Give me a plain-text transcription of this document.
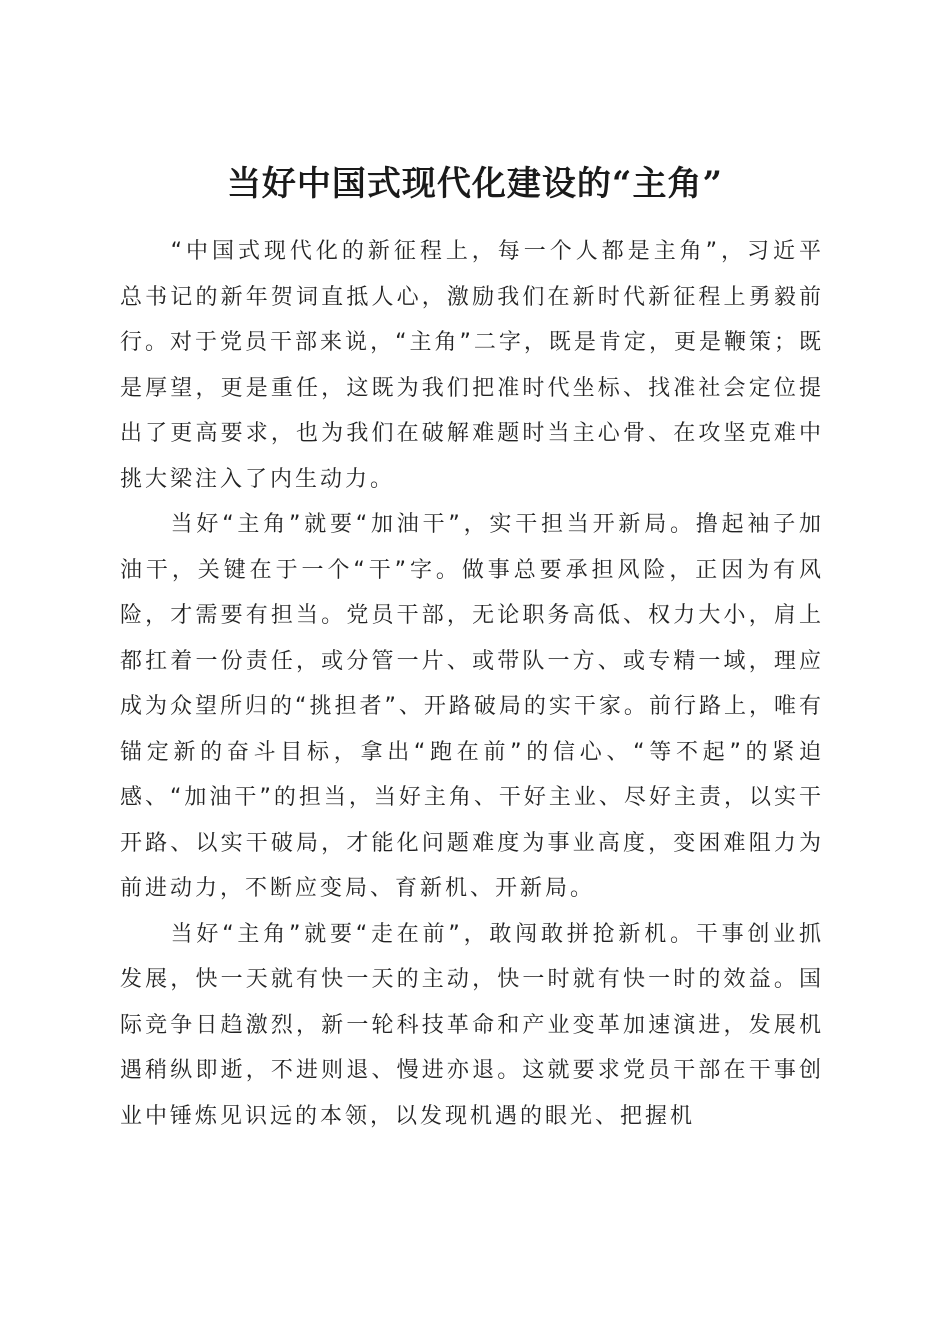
当好中国式现代化建设的“主角”

“中国式现代化的新征程上，每一个人都是主角”，习近平总书记的新年贺词直抵人心，激励我们在新时代新征程上勇毅前行。对于党员干部来说，“主角”二字，既是肯定，更是鞭策；既是厚望，更是重任，这既为我们把准时代坐标、找准社会定位提出了更高要求，也为我们在破解难题时当主心骨、在攻坚克难中挑大梁注入了内生动力。

当好“主角”就要“加油干”，实干担当开新局。撸起袖子加油干，关键在于一个“干”字。做事总要承担风险，正因为有风险，才需要有担当。党员干部，无论职务高低、权力大小，肩上都扛着一份责任，或分管一片、或带队一方、或专精一域，理应成为众望所归的“挑担者”、开路破局的实干家。前行路上，唯有锚定新的奋斗目标，拿出“跑在前”的信心、“等不起”的紧迫感、“加油干”的担当，当好主角、干好主业、尽好主责，以实干开路、以实干破局，才能化问题难度为事业高度，变困难阻力为前进动力，不断应变局、育新机、开新局。

当好“主角”就要“走在前”，敢闯敢拼抢新机。干事创业抓发展，快一天就有快一天的主动，快一时就有快一时的效益。国际竞争日趋激烈，新一轮科技革命和产业变革加速演进，发展机遇稍纵即逝，不进则退、慢进亦退。这就要求党员干部在干事创业中锤炼见识远的本领，以发现机遇的眼光、把握机
